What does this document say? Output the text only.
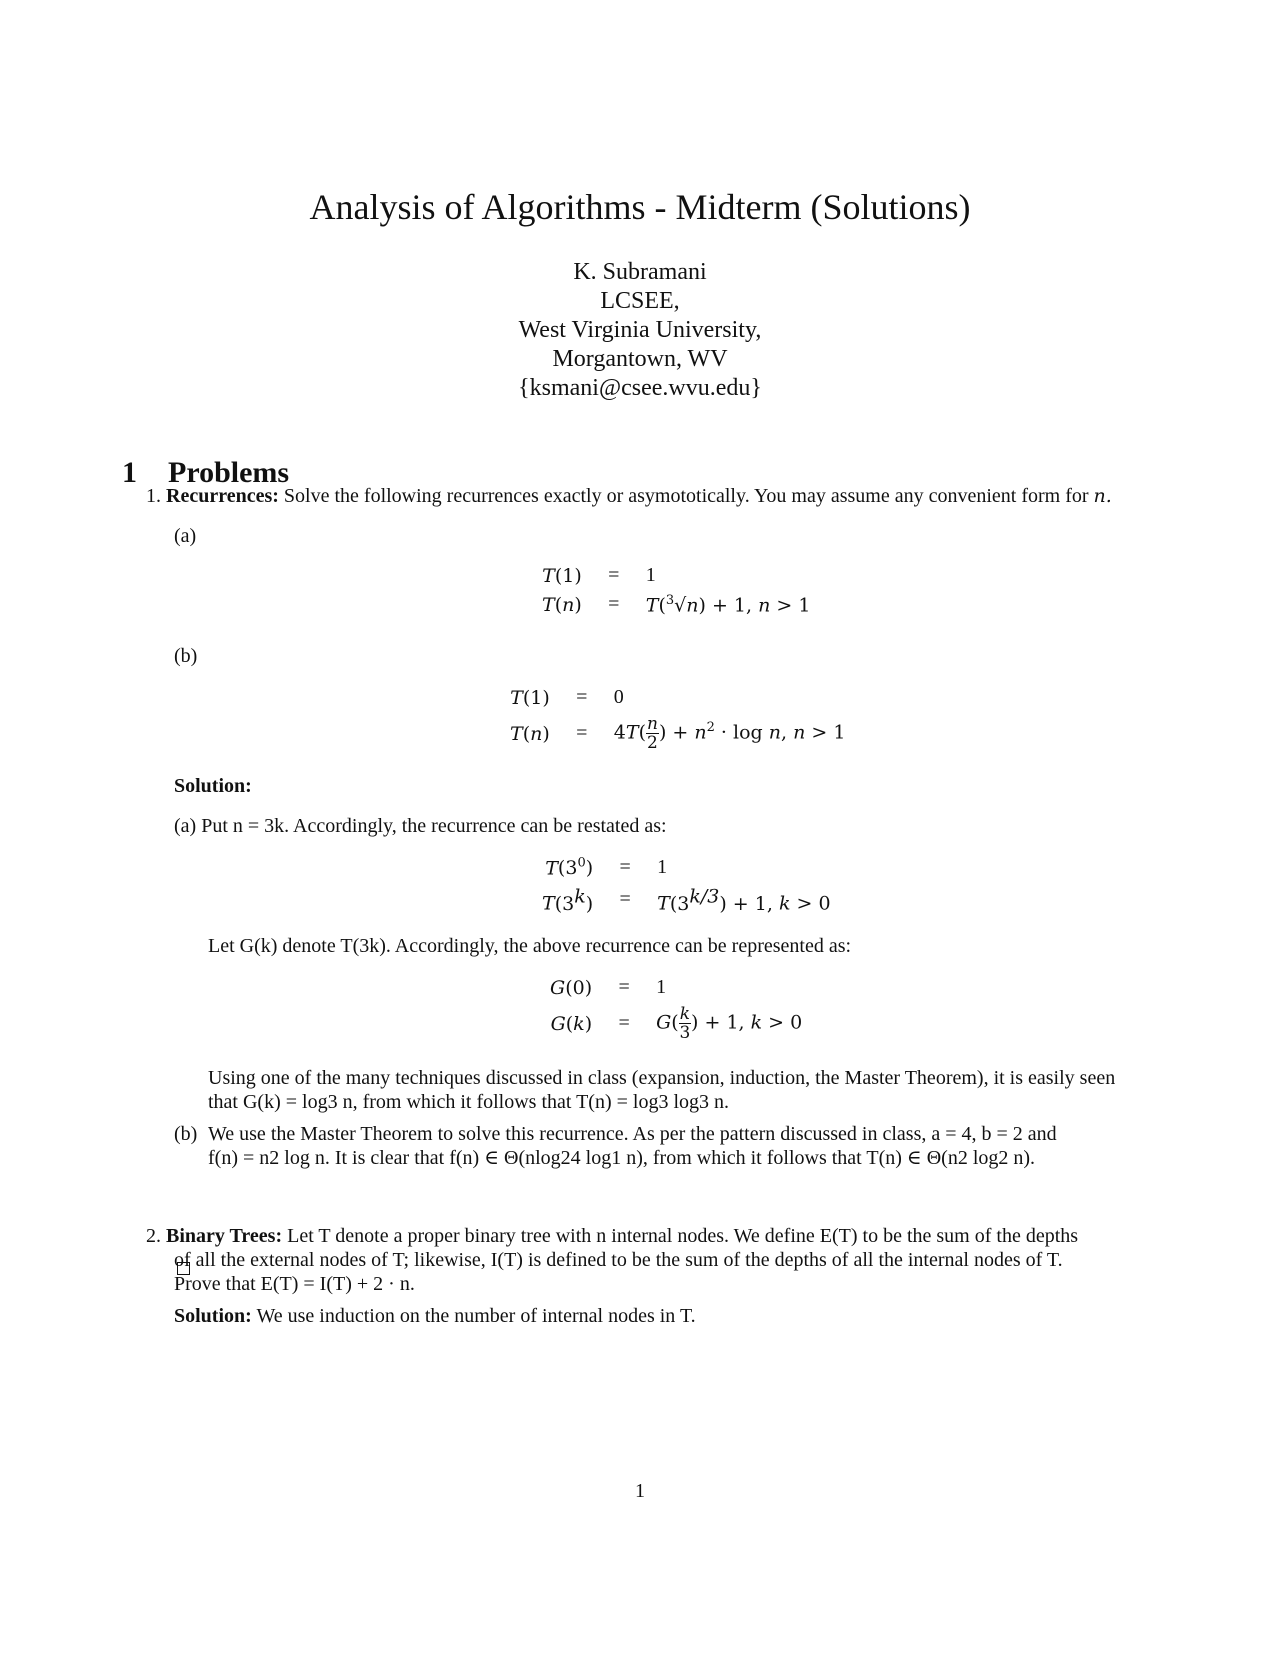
Analysis of Algorithms - Midterm (Solutions)
K. Subramani
LCSEE,
West Virginia University,
Morgantown, WV
{ksmani@csee.wvu.edu}
1 Problems
1. Recurrences: Solve the following recurrences exactly or asymototically. You may assume any convenient form for n.
(a)
T(1)	=	1
T(n)	=	T($^3$√n) + 1, n > 1
(b)
T(1)	=	0
T(n)	=	$4T( \frac{n}{2}$ ) + $n^2 \cdot \log n$, n > 1
Solution:
(a) Put n = 3k. Accordingly, the recurrence can be restated as:
$T(3^0)$	=	1
$T(3^k)$	=	$T(3^{k/3}) + 1$, k > 0
Let G(k) denote T(3k). Accordingly, the above recurrence can be represented as:
G(0)	=	1
G(k)	=	$G( \frac{k}{3}$ ) + 1, k > 0
Using one of the many techniques discussed in class (expansion, induction, the Master Theorem), it is easily seen
that G(k) = log3 n, from which it follows that T(n) = log3 log3 n.
(b) We use the Master Theorem to solve this recurrence. As per the pattern discussed in class, a = 4, b = 2 and
f(n) = n2 log n. It is clear that f(n) ∈ Θ(nlog24 log1 n), from which it follows that T(n) ∈ Θ(n2 log2 n).
2. Binary Trees: Let T denote a proper binary tree with n internal nodes. We define E(T) to be the sum of the depths
of all the external nodes of T; likewise, I(T) is defined to be the sum of the depths of all the internal nodes of T.
Prove that E(T) = I(T) + 2 · n.
Solution: We use induction on the number of internal nodes in T.
1
